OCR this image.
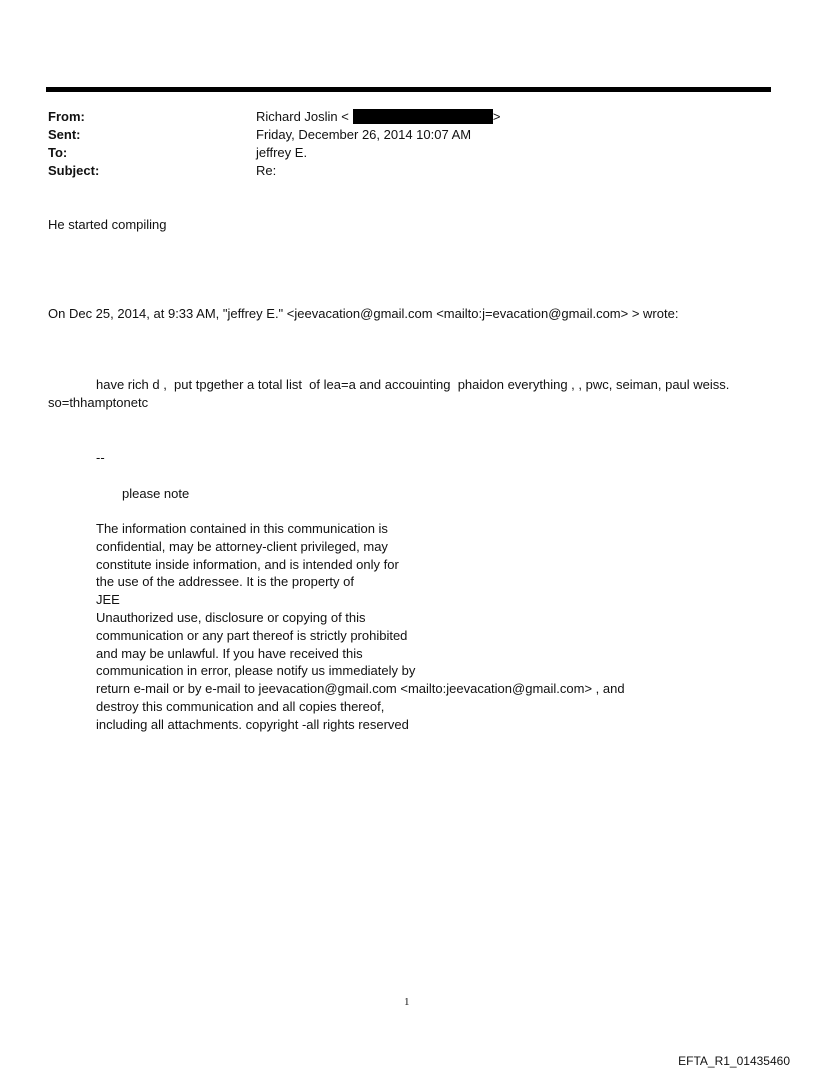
From:	Richard Joslin <	>
Sent:	Friday, December 26, 2014 10:07 AM
To:	jeffrey E.
Subject:	Re:
He started compiling
On Dec 25, 2014, at 9:33 AM, "jeffrey E." <jeevacation@gmail.com <mailto:j=evacation@gmail.com> > wrote:
have rich d ,  put tpgether a total list  of lea=a and accouinting  phaidon everything , , pwc, seiman, paul weiss.
so=thhamptonetc
--
please note
The information contained in this communication is
confidential, may be attorney-client privileged, may
constitute inside information, and is intended only for
the use of the addressee. It is the property of
JEE
Unauthorized use, disclosure or copying of this
communication or any part thereof is strictly prohibited
and may be unlawful. If you have received this
communication in error, please notify us immediately by
return e-mail or by e-mail to jeevacation@gmail.com <mailto:jeevacation@gmail.com> , and
destroy this communication and all copies thereof,
including all attachments. copyright -all rights reserved
1
EFTA_R1_01435460
